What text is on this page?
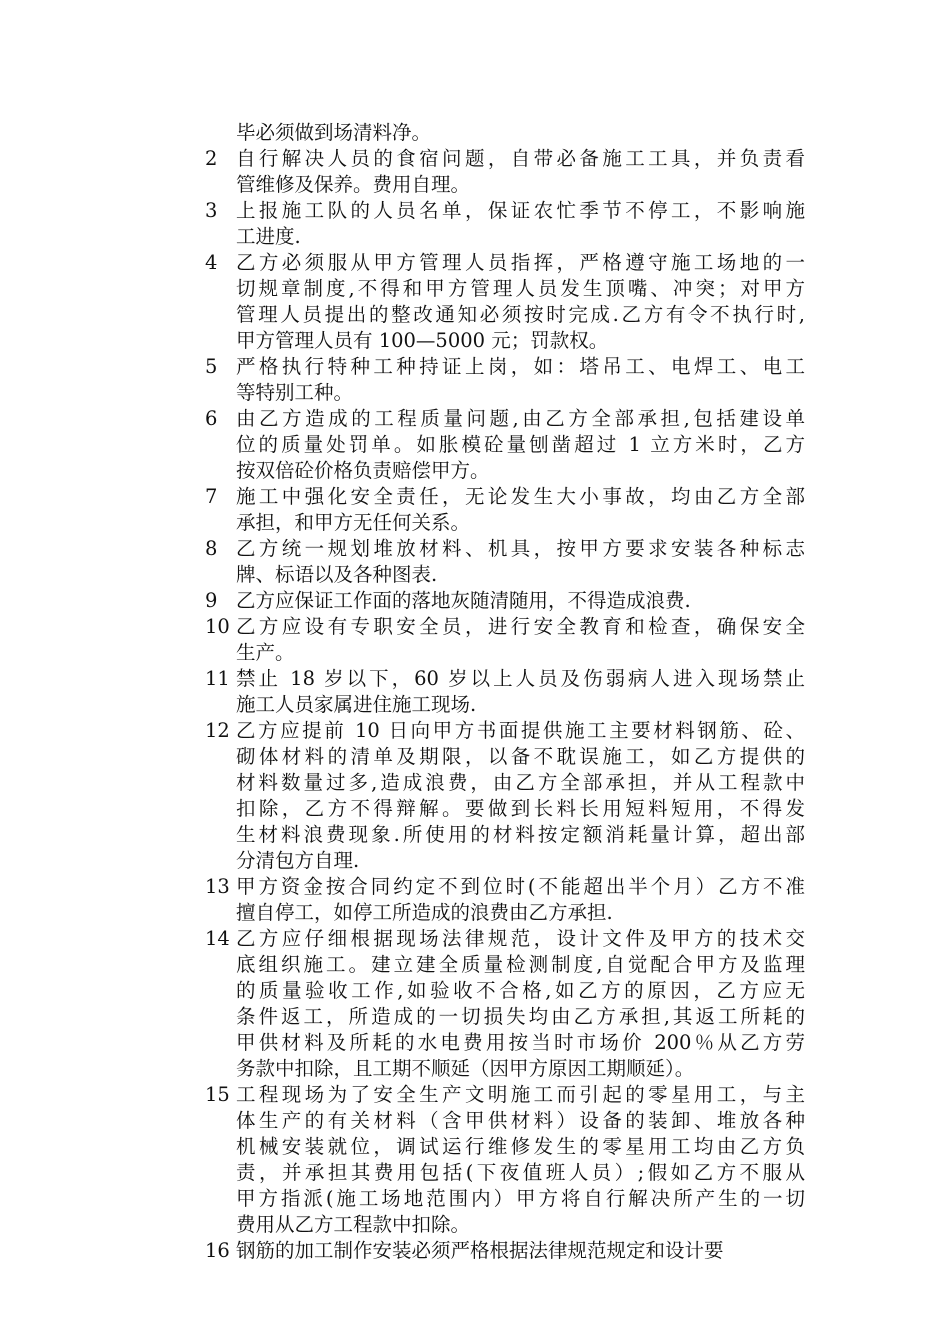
毕必须做到场清料净。
2 自行解决人员的食宿问题，自带必备施工工具，并负责看
管维修及保养。费用自理。
3 上报施工队的人员名单，保证农忙季节不停工，不影响施
工进度.
4 乙方必须服从甲方管理人员指挥，严格遵守施工场地的一
切规章制度,不得和甲方管理人员发生顶嘴、冲突；对甲方
管理人员提出的整改通知必须按时完成.乙方有令不执行时,
甲方管理人员有 100—5000 元；罚款权。
5 严格执行特种工种持证上岗，如：塔吊工、电焊工、电工
等特别工种。
6 由乙方造成的工程质量问题,由乙方全部承担,包括建设单
位的质量处罚单。如胀模砼量刨凿超过 1 立方米时，乙方
按双倍砼价格负责赔偿甲方。
7 施工中强化安全责任，无论发生大小事故，均由乙方全部
承担，和甲方无任何关系。
8 乙方统一规划堆放材料、机具，按甲方要求安装各种标志
牌、标语以及各种图表.
9 乙方应保证工作面的落地灰随清随用，不得造成浪费.
10 乙方应设有专职安全员，进行安全教育和检查，确保安全
生产。
11 禁止 18 岁以下，60 岁以上人员及伤弱病人进入现场禁止
施工人员家属进住施工现场.
12 乙方应提前 10 日向甲方书面提供施工主要材料钢筋、砼、
砌体材料的清单及期限，以备不耽误施工，如乙方提供的
材料数量过多,造成浪费，由乙方全部承担，并从工程款中
扣除，乙方不得辩解。要做到长料长用短料短用，不得发
生材料浪费现象.所使用的材料按定额消耗量计算，超出部
分清包方自理.
13 甲方资金按合同约定不到位时(不能超出半个月）乙方不准
擅自停工，如停工所造成的浪费由乙方承担.
14 乙方应仔细根据现场法律规范，设计文件及甲方的技术交
底组织施工。建立建全质量检测制度,自觉配合甲方及监理
的质量验收工作,如验收不合格,如乙方的原因，乙方应无
条件返工，所造成的一切损失均由乙方承担,其返工所耗的
甲供材料及所耗的水电费用按当时市场价 200％从乙方劳
务款中扣除，且工期不顺延（因甲方原因工期顺延）。
15 工程现场为了安全生产文明施工而引起的零星用工，与主
体生产的有关材料（含甲供材料）设备的装卸、堆放各种
机械安装就位，调试运行维修发生的零星用工均由乙方负
责，并承担其费用包括(下夜值班人员）;假如乙方不服从
甲方指派(施工场地范围内）甲方将自行解决所产生的一切
费用从乙方工程款中扣除。
16 钢筋的加工制作安装必须严格根据法律规范规定和设计要
